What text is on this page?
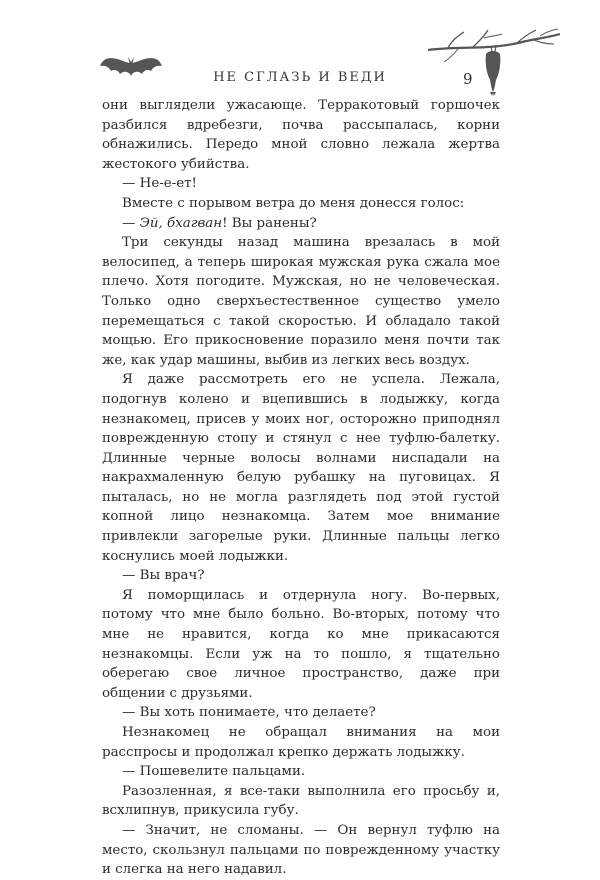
НЕ СГЛАЗЬ И ВЕДИ	9

они выглядели ужасающе. Терракотовый горшочек разбился вдребезги, почва рассыпалась, корни обнажились. Передо мной словно лежала жертва жестокого убийства.

— Не-е-ет!

Вместе с порывом ветра до меня донесся голос:

— Эй, бхагван! Вы ранены?

Три секунды назад машина врезалась в мой велосипед, а теперь широкая мужская рука сжала мое плечо. Хотя погодите. Мужская, но не человеческая. Только одно сверхъестественное существо умело перемещаться с такой скоростью. И обладало такой мощью. Его прикосновение поразило меня почти так же, как удар машины, выбив из легких весь воздух.

Я даже рассмотреть его не успела. Лежала, подогнув колено и вцепившись в лодыжку, когда незнакомец, присев у моих ног, осторожно приподнял поврежденную стопу и стянул с нее туфлю-балетку. Длинные черные волосы волнами ниспадали на накрахмаленную белую рубашку на пуговицах. Я пыталась, но не могла разглядеть под этой густой копной лицо незнакомца. Затем мое внимание привлекли загорелые руки. Длинные пальцы легко коснулись моей лодыжки.

— Вы врач?

Я поморщилась и отдернула ногу. Во-первых, потому что мне было больно. Во-вторых, потому что мне не нравится, когда ко мне прикасаются незнакомцы. Если уж на то пошло, я тщательно оберегаю свое личное пространство, даже при общении с друзьями.

— Вы хоть понимаете, что делаете?

Незнакомец не обращал внимания на мои расспросы и продолжал крепко держать лодыжку.

— Пошевелите пальцами.

Разозленная, я все-таки выполнила его просьбу и, всхлипнув, прикусила губу.

— Значит, не сломаны. — Он вернул туфлю на место, скользнул пальцами по поврежденному участку и слегка на него надавил.
